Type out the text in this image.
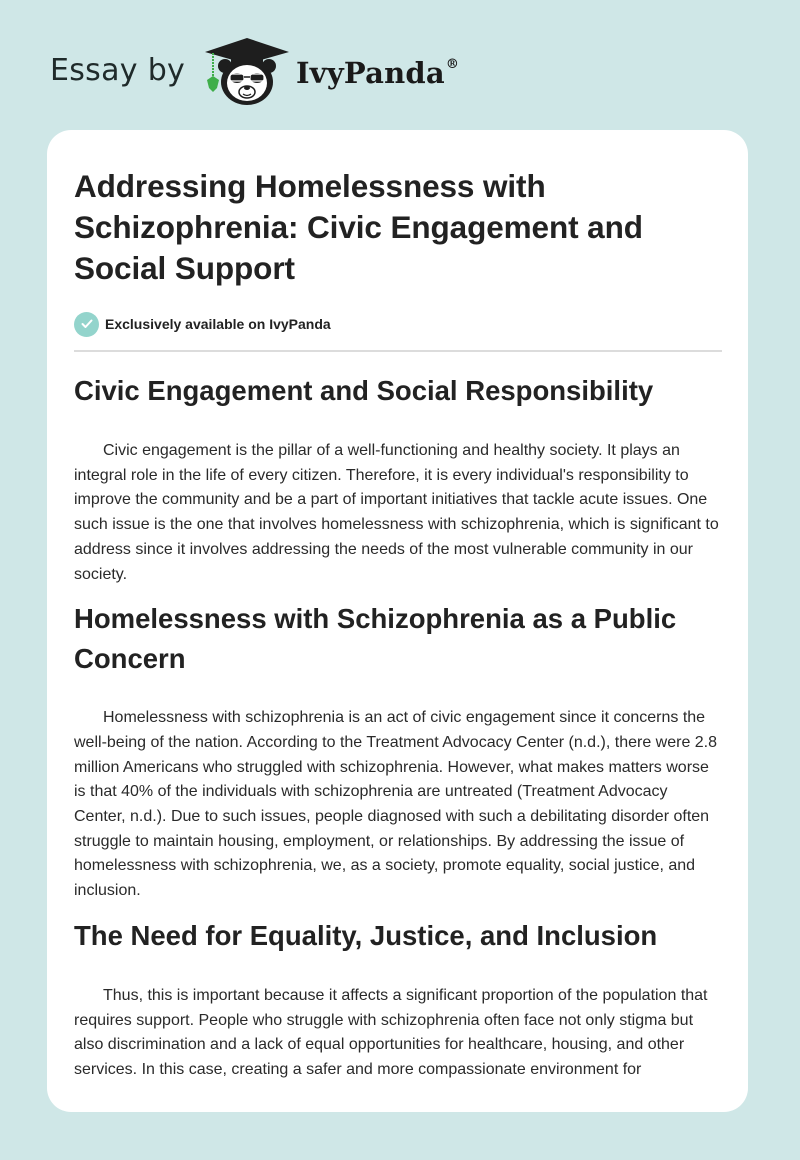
Essay by	IvyPanda®
Addressing Homelessness with Schizophrenia: Civic Engagement and Social Support
Exclusively available on IvyPanda
Civic Engagement and Social Responsibility

Civic engagement is the pillar of a well-functioning and healthy society. It plays an integral role in the life of every citizen. Therefore, it is every individual's responsibility to improve the community and be a part of important initiatives that tackle acute issues. One such issue is the one that involves homelessness with schizophrenia, which is significant to address since it involves addressing the needs of the most vulnerable community in our society.

Homelessness with Schizophrenia as a Public Concern

Homelessness with schizophrenia is an act of civic engagement since it concerns the well-being of the nation. According to the Treatment Advocacy Center (n.d.), there were 2.8 million Americans who struggled with schizophrenia. However, what makes matters worse is that 40% of the individuals with schizophrenia are untreated (Treatment Advocacy Center, n.d.). Due to such issues, people diagnosed with such a debilitating disorder often struggle to maintain housing, employment, or relationships. By addressing the issue of homelessness with schizophrenia, we, as a society, promote equality, social justice, and inclusion.

The Need for Equality, Justice, and Inclusion

Thus, this is important because it affects a significant proportion of the population that requires support. People who struggle with schizophrenia often face not only stigma but also discrimination and a lack of equal opportunities for healthcare, housing, and other services. In this case, creating a safer and more compassionate environment for
